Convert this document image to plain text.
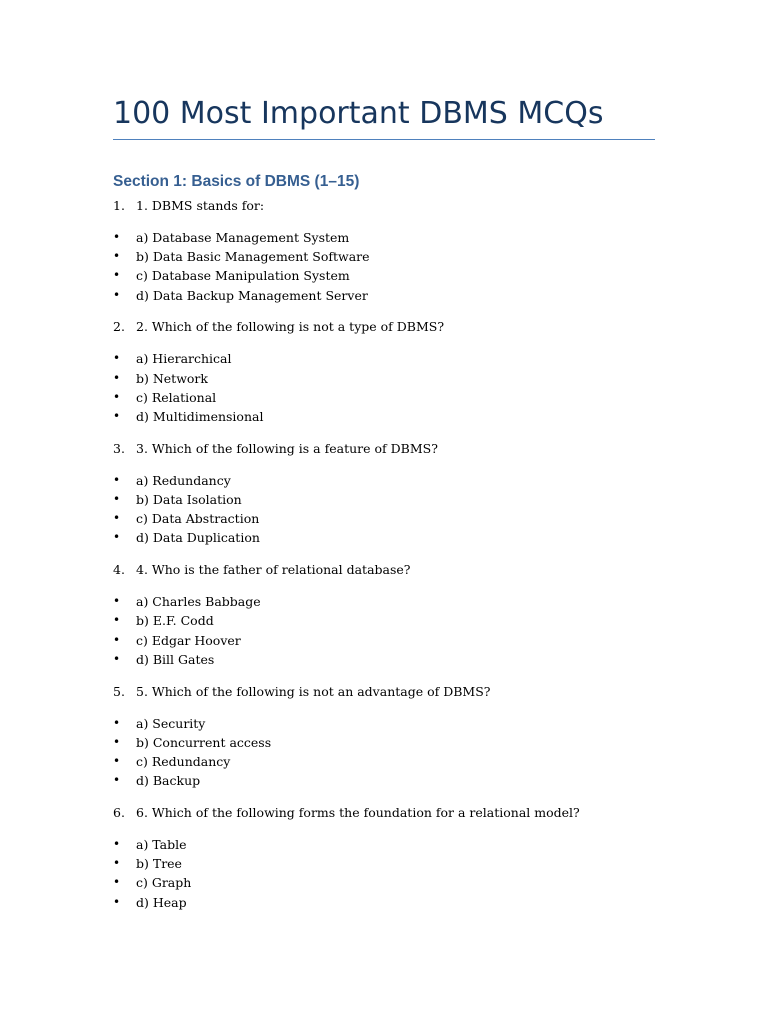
100 Most Important DBMS MCQs
Section 1: Basics of DBMS (1–15)
1. 1. DBMS stands for:
• a) Database Management System
• b) Data Basic Management Software
• c) Database Manipulation System
• d) Data Backup Management Server
2. 2. Which of the following is not a type of DBMS?
• a) Hierarchical
• b) Network
• c) Relational
• d) Multidimensional
3. 3. Which of the following is a feature of DBMS?
• a) Redundancy
• b) Data Isolation
• c) Data Abstraction
• d) Data Duplication
4. 4. Who is the father of relational database?
• a) Charles Babbage
• b) E.F. Codd
• c) Edgar Hoover
• d) Bill Gates
5. 5. Which of the following is not an advantage of DBMS?
• a) Security
• b) Concurrent access
• c) Redundancy
• d) Backup
6. 6. Which of the following forms the foundation for a relational model?
• a) Table
• b) Tree
• c) Graph
• d) Heap
